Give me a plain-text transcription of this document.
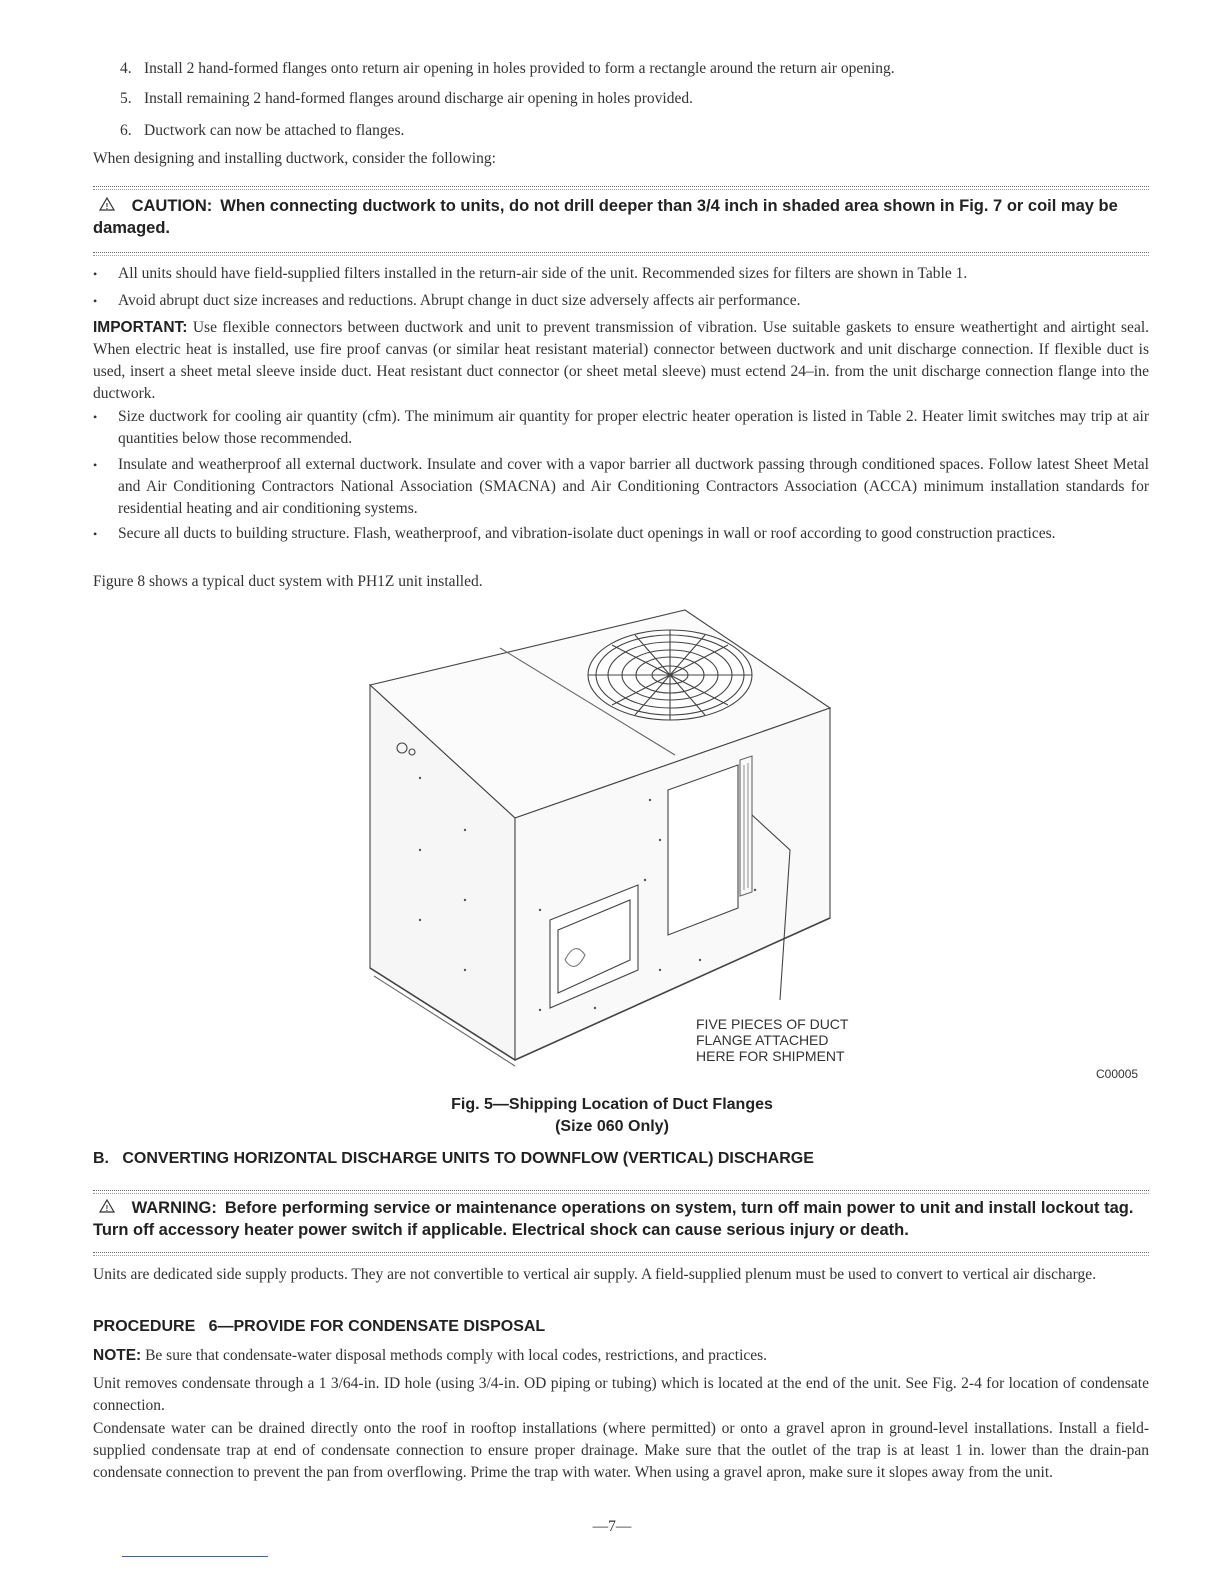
4. Install 2 hand-formed flanges onto return air opening in holes provided to form a rectangle around the return air opening.
5. Install remaining 2 hand-formed flanges around discharge air opening in holes provided.
6. Ductwork can now be attached to flanges.
When designing and installing ductwork, consider the following:
! CAUTION: When connecting ductwork to units, do not drill deeper than 3/4 inch in shaded area shown in Fig. 7 or coil may be damaged.
• All units should have field-supplied filters installed in the return-air side of the unit. Recommended sizes for filters are shown in Table 1.
• Avoid abrupt duct size increases and reductions. Abrupt change in duct size adversely affects air performance.
IMPORTANT: Use flexible connectors between ductwork and unit to prevent transmission of vibration. Use suitable gaskets to ensure weathertight and airtight seal. When electric heat is installed, use fire proof canvas (or similar heat resistant material) connector between ductwork and unit discharge connection. If flexible duct is used, insert a sheet metal sleeve inside duct. Heat resistant duct connector (or sheet metal sleeve) must ectend 24–in. from the unit discharge connection flange into the ductwork.
• Size ductwork for cooling air quantity (cfm). The minimum air quantity for proper electric heater operation is listed in Table 2. Heater limit switches may trip at air quantities below those recommended.
• Insulate and weatherproof all external ductwork. Insulate and cover with a vapor barrier all ductwork passing through conditioned spaces. Follow latest Sheet Metal and Air Conditioning Contractors National Association (SMACNA) and Air Conditioning Contractors Association (ACCA) minimum installation standards for residential heating and air conditioning systems.
• Secure all ducts to building structure. Flash, weatherproof, and vibration-isolate duct openings in wall or roof according to good construction practices.
Figure 8 shows a typical duct system with PH1Z unit installed.
FIVE PIECES OF DUCT
FLANGE ATTACHED
HERE FOR SHIPMENT
C00005
Fig. 5—Shipping Location of Duct Flanges
(Size 060 Only)
B.   CONVERTING HORIZONTAL DISCHARGE UNITS TO DOWNFLOW (VERTICAL) DISCHARGE
! WARNING: Before performing service or maintenance operations on system, turn off main power to unit and install lockout tag. Turn off accessory heater power switch if applicable. Electrical shock can cause serious injury or death.
Units are dedicated side supply products. They are not convertible to vertical air supply. A field-supplied plenum must be used to convert to vertical air discharge.
PROCEDURE   6—PROVIDE FOR CONDENSATE DISPOSAL
NOTE: Be sure that condensate-water disposal methods comply with local codes, restrictions, and practices.
Unit removes condensate through a 1 3/64-in. ID hole (using 3/4-in. OD piping or tubing) which is located at the end of the unit. See Fig. 2-4 for location of condensate connection.
Condensate water can be drained directly onto the roof in rooftop installations (where permitted) or onto a gravel apron in ground-level installations. Install a field-supplied condensate trap at end of condensate connection to ensure proper drainage. Make sure that the outlet of the trap is at least 1 in. lower than the drain-pan condensate connection to prevent the pan from overflowing. Prime the trap with water. When using a gravel apron, make sure it slopes away from the unit.
—7—
